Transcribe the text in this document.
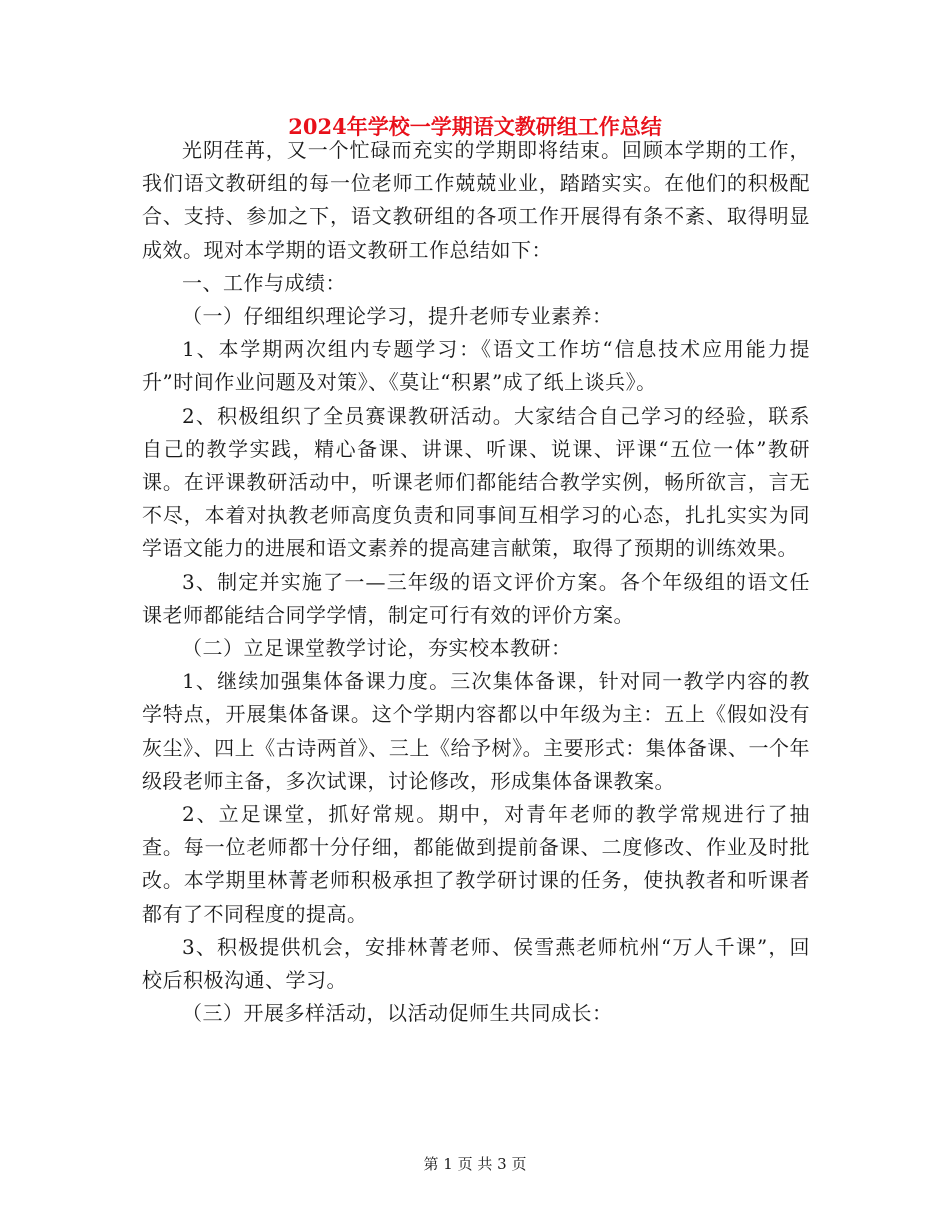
2024年学校一学期语文教研组工作总结

光阴荏苒，又一个忙碌而充实的学期即将结束。回顾本学期的工作，我们语文教研组的每一位老师工作兢兢业业，踏踏实实。在他们的积极配合、支持、参加之下，语文教研组的各项工作开展得有条不紊、取得明显成效。现对本学期的语文教研工作总结如下：

一、工作与成绩：

（一）仔细组织理论学习，提升老师专业素养：

1、本学期两次组内专题学习：《语文工作坊“信息技术应用能力提升”时间作业问题及对策》、《莫让“积累”成了纸上谈兵》。

2、积极组织了全员赛课教研活动。大家结合自己学习的经验，联系自己的教学实践，精心备课、讲课、听课、说课、评课“五位一体”教研课。在评课教研活动中，听课老师们都能结合教学实例，畅所欲言，言无不尽，本着对执教老师高度负责和同事间互相学习的心态，扎扎实实为同学语文能力的进展和语文素养的提高建言献策，取得了预期的训练效果。

3、制定并实施了一—三年级的语文评价方案。各个年级组的语文任课老师都能结合同学学情，制定可行有效的评价方案。

（二）立足课堂教学讨论，夯实校本教研：

1、继续加强集体备课力度。三次集体备课，针对同一教学内容的教学特点，开展集体备课。这个学期内容都以中年级为主：五上《假如没有灰尘》、四上《古诗两首》、三上《给予树》。主要形式：集体备课、一个年级段老师主备，多次试课，讨论修改，形成集体备课教案。

2、立足课堂，抓好常规。期中，对青年老师的教学常规进行了抽查。每一位老师都十分仔细，都能做到提前备课、二度修改、作业及时批改。本学期里林菁老师积极承担了教学研讨课的任务，使执教者和听课者都有了不同程度的提高。

3、积极提供机会，安排林菁老师、侯雪燕老师杭州“万人千课”，回校后积极沟通、学习。

（三）开展多样活动，以活动促师生共同成长：

第 1 页 共 3 页
